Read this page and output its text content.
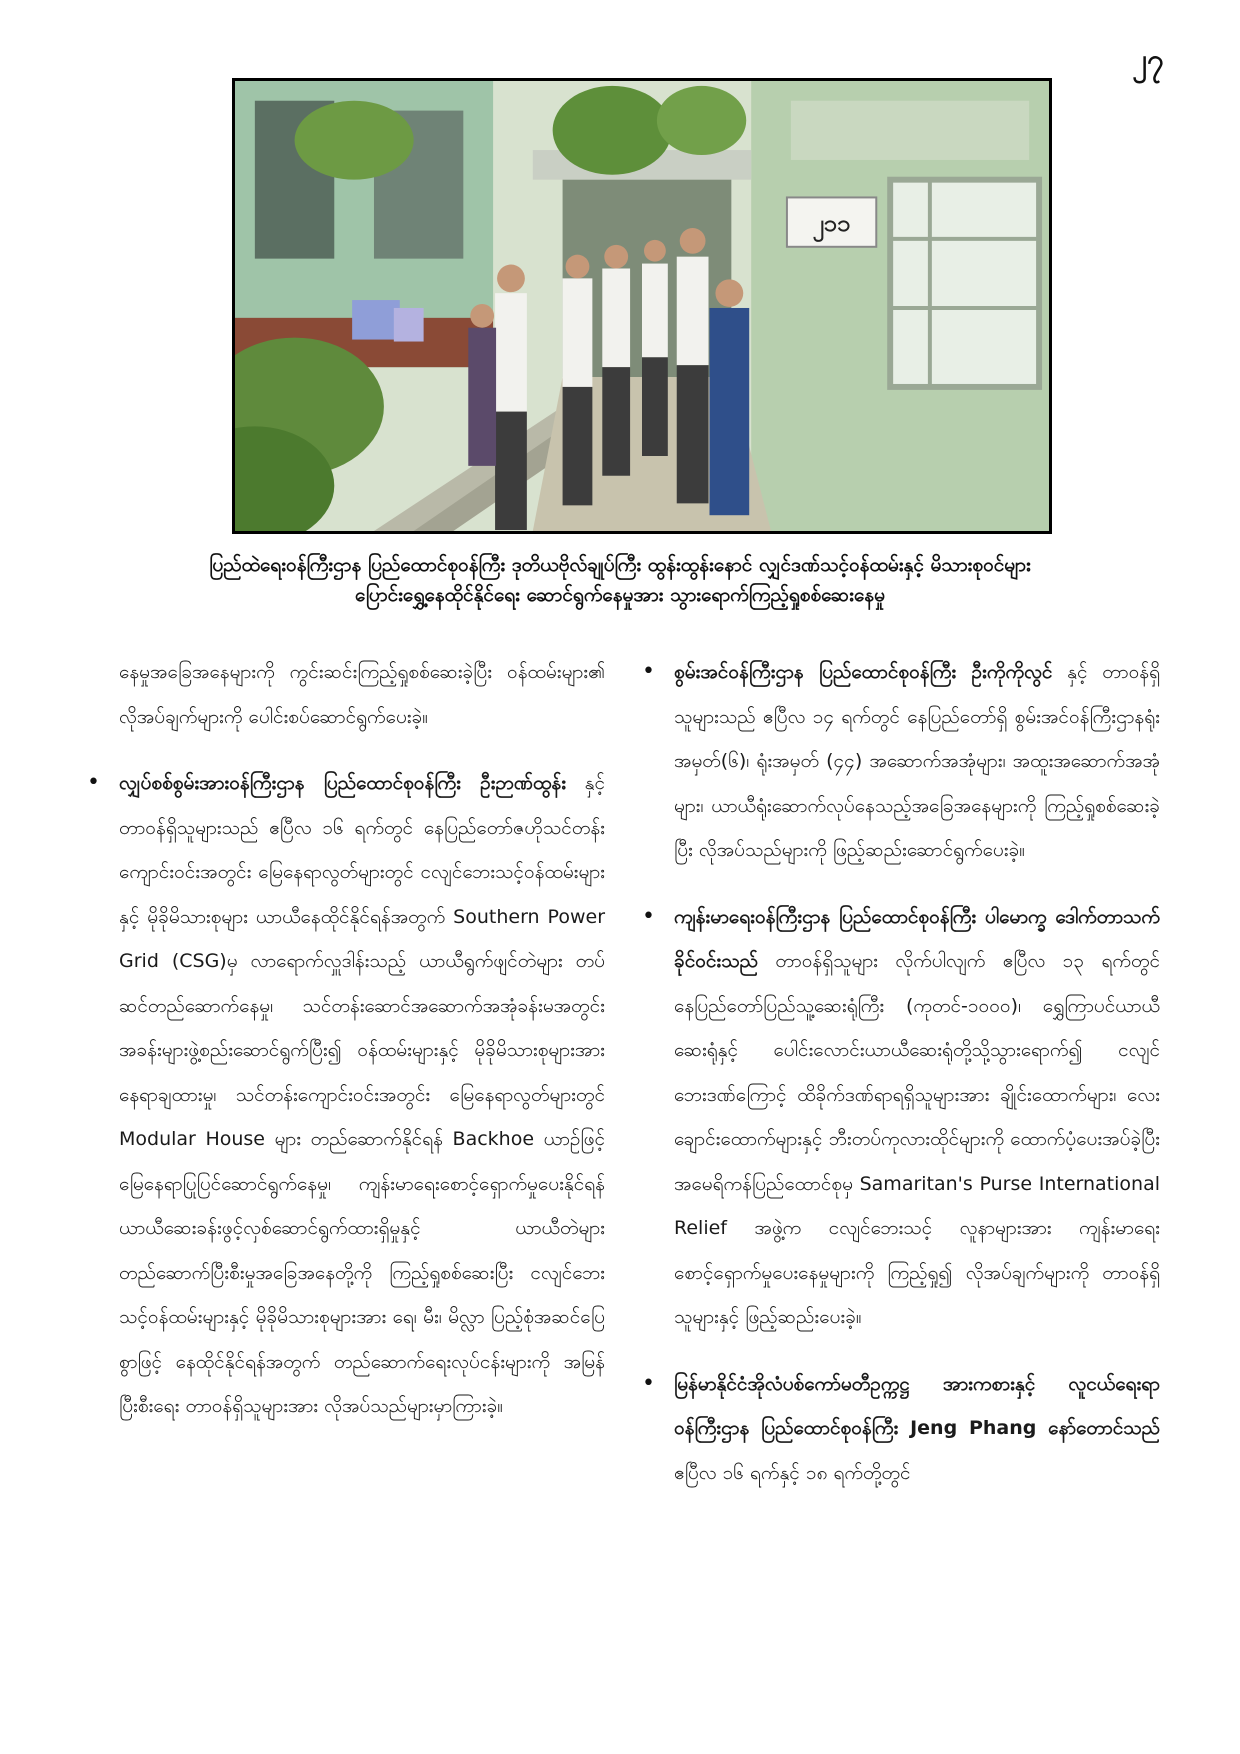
၂၇
၂၁၁
ပြည်ထဲရေးဝန်ကြီးဌာန ပြည်ထောင်စုဝန်ကြီး ဒုတိယဗိုလ်ချုပ်ကြီး ထွန်းထွန်းနောင် လျှင်ဒဏ်သင့်ဝန်ထမ်းနှင့် မိသားစုဝင်များ
ပြောင်းရွှေ့နေထိုင်နိုင်ရေး ဆောင်ရွက်နေမှုအား သွားရောက်ကြည့်ရှုစစ်ဆေးနေမှု

နေမှုအခြေအနေများကို ကွင်းဆင်းကြည့်ရှုစစ်ဆေးခဲ့ပြီး ဝန်ထမ်းများ၏ လိုအပ်ချက်များကို ပေါင်းစပ်ဆောင်ရွက်ပေးခဲ့။

• လျှပ်စစ်စွမ်းအားဝန်ကြီးဌာန ပြည်ထောင်စုဝန်ကြီး ဦးဉာဏ်ထွန်း နှင့် တာဝန်ရှိသူများသည် ဧပြီလ ၁၆ ရက်တွင် နေပြည်တော်ဇဟိုသင်တန်းကျောင်းဝင်းအတွင်း မြေနေရာလွတ်များတွင် ငလျင်ဘေးသင့်ဝန်ထမ်းများနှင့် မိုခိုမိသားစုများ ယာယီနေထိုင်နိုင်ရန်အတွက် Southern Power Grid (CSG)မှ လာရောက်လှူဒါန်းသည့် ယာယီရွက်ဖျင်တဲများ တပ်ဆင်တည်ဆောက်နေမှု၊ သင်တန်းဆောင်အဆောက်အအုံခန်းမအတွင်း အခန်းများဖွဲ့စည်းဆောင်ရွက်ပြီး၍ ဝန်ထမ်းများနှင့် မိုခိုမိသားစုများအား နေရာချထားမှု၊ သင်တန်းကျောင်းဝင်းအတွင်း မြေနေရာလွတ်များတွင် Modular House များ တည်ဆောက်နိုင်ရန် Backhoe ယာဉ်ဖြင့် မြေနေရာပြုပြင်ဆောင်ရွက်နေမှု၊ ကျန်းမာရေးစောင့်ရှောက်မှုပေးနိုင်ရန် ယာယီဆေးခန်းဖွင့်လှစ်ဆောင်ရွက်ထားရှိမှုနှင့် ယာယီတဲများတည်ဆောက်ပြီးစီးမှုအခြေအနေတို့ကို ကြည့်ရှုစစ်ဆေးပြီး ငလျင်ဘေးသင့်ဝန်ထမ်းများနှင့် မိုခိုမိသားစုများအား ရေ၊ မီး၊ မိလ္လာ ပြည့်စုံအဆင်ပြေစွာဖြင့် နေထိုင်နိုင်ရန်အတွက် တည်ဆောက်ရေးလုပ်ငန်းများကို အမြန်ပြီးစီးရေး တာဝန်ရှိသူများအား လိုအပ်သည်များမှာကြားခဲ့။
• စွမ်းအင်ဝန်ကြီးဌာန ပြည်ထောင်စုဝန်ကြီး ဦးကိုကိုလွင် နှင့် တာဝန်ရှိသူများသည် ဧပြီလ ၁၄ ရက်တွင် နေပြည်တော်ရှိ စွမ်းအင်ဝန်ကြီးဌာနရုံးအမှတ်(၆)၊ ရုံးအမှတ် (၄၄) အဆောက်အအုံများ၊ အထူးအဆောက်အအုံများ၊ ယာယီရုံးဆောက်လုပ်နေသည့်အခြေအနေများကို ကြည့်ရှုစစ်ဆေးခဲ့ပြီး လိုအပ်သည်များကို ဖြည့်ဆည်းဆောင်ရွက်ပေးခဲ့။
• ကျန်းမာရေးဝန်ကြီးဌာန ပြည်ထောင်စုဝန်ကြီး ပါမောက္ခ ဒေါက်တာသက်ခိုင်ဝင်းသည် တာဝန်ရှိသူများ လိုက်ပါလျက် ဧပြီလ ၁၃ ရက်တွင် နေပြည်တော်ပြည်သူ့ဆေးရုံကြီး (ကုတင်-၁၀၀၀)၊ ရွှေကြာပင်ယာယီဆေးရုံနှင့် ပေါင်းလောင်းယာယီဆေးရုံတို့သို့သွားရောက်၍ ငလျင်ဘေးဒဏ်ကြောင့် ထိခိုက်ဒဏ်ရာရရှိသူများအား ချိုင်းထောက်များ၊ လေးချောင်းထောက်များနှင့် ဘီးတပ်ကုလားထိုင်များကို ထောက်ပံ့ပေးအပ်ခဲ့ပြီး အမေရိကန်ပြည်ထောင်စုမှ Samaritan's Purse International Relief အဖွဲ့က ငလျင်ဘေးသင့် လူနာများအား ကျန်းမာရေးစောင့်ရှောက်မှုပေးနေမှုများကို ကြည့်ရှု၍ လိုအပ်ချက်များကို တာဝန်ရှိသူများနှင့် ဖြည့်ဆည်းပေးခဲ့။
• မြန်မာနိုင်ငံအိုလံပစ်ကော်မတီဥက္ကဋ္ဌ အားကစားနှင့် လူငယ်ရေးရာဝန်ကြီးဌာန ပြည်ထောင်စုဝန်ကြီး Jeng Phang နော်တောင်သည် ဧပြီလ ၁၆ ရက်နှင့် ၁၈ ရက်တို့တွင်
